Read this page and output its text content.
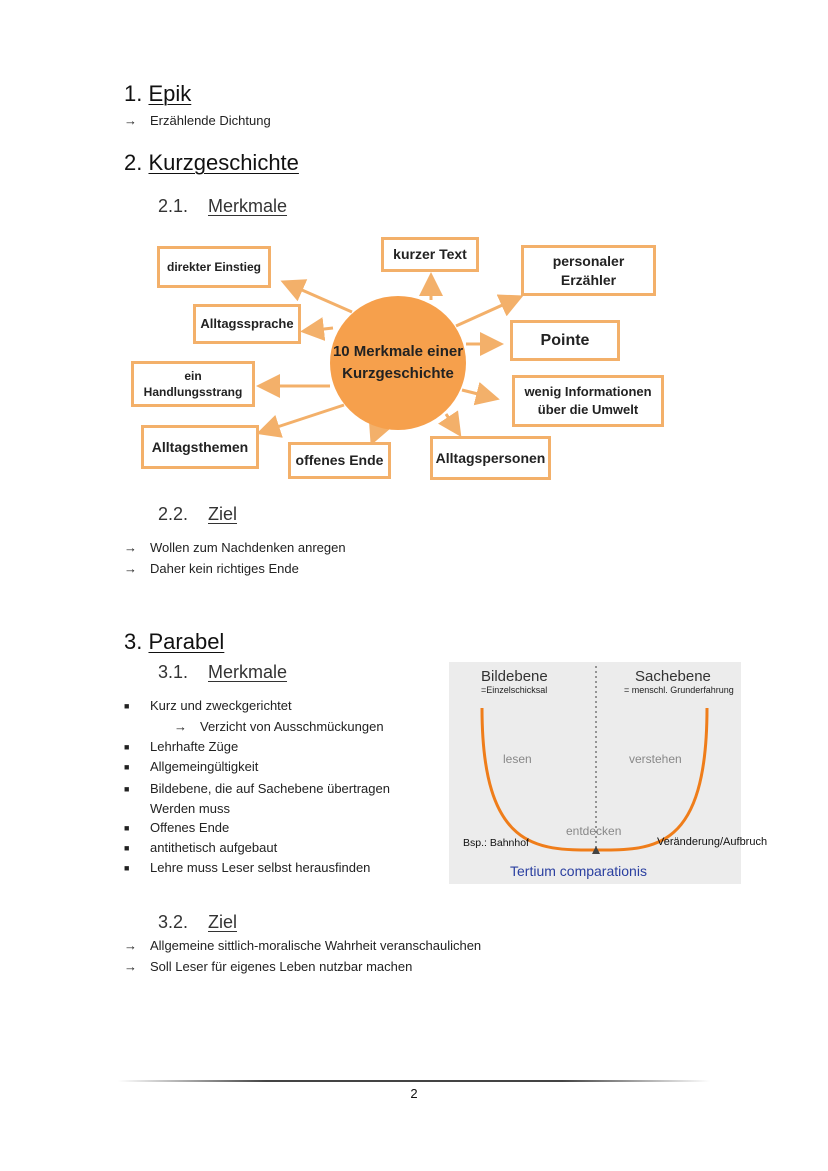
1. Epik
→ Erzählende Dichtung
2. Kurzgeschichte
2.1. Merkmale
10 Merkmale einer Kurzgeschichte
direkter Einstieg
kurzer Text	personaler Erzähler
Alltagssprache
Pointe
ein Handlungsstrang	wenig Informationen über die Umwelt
Alltagsthemen
offenes Ende	Alltagspersonen
2.2. Ziel
→ Wollen zum Nachdenken anregen
→ Daher kein richtiges Ende
3. Parabel
3.1. Merkmale
■ Kurz und zweckgerichtet
→ Verzicht von Ausschmückungen
■ Lehrhafte Züge
■ Allgemeingültigkeit
■	Bildebene, die auf Sachebene übertragen Werden muss
■ Offenes Ende
■ antithetisch aufgebaut
■ Lehre muss Leser selbst herausfinden
Bildebene
=Einzelschicksal
Sachebene
= menschl. Grunderfahrung
lesen	verstehen
entdecken
Bsp.: Bahnhof
Tertium comparationis
Veränderung/Aufbruch
3.2. Ziel
→ Allgemeine sittlich-moralische Wahrheit veranschaulichen
→ Soll Leser für eigenes Leben nutzbar machen
2
